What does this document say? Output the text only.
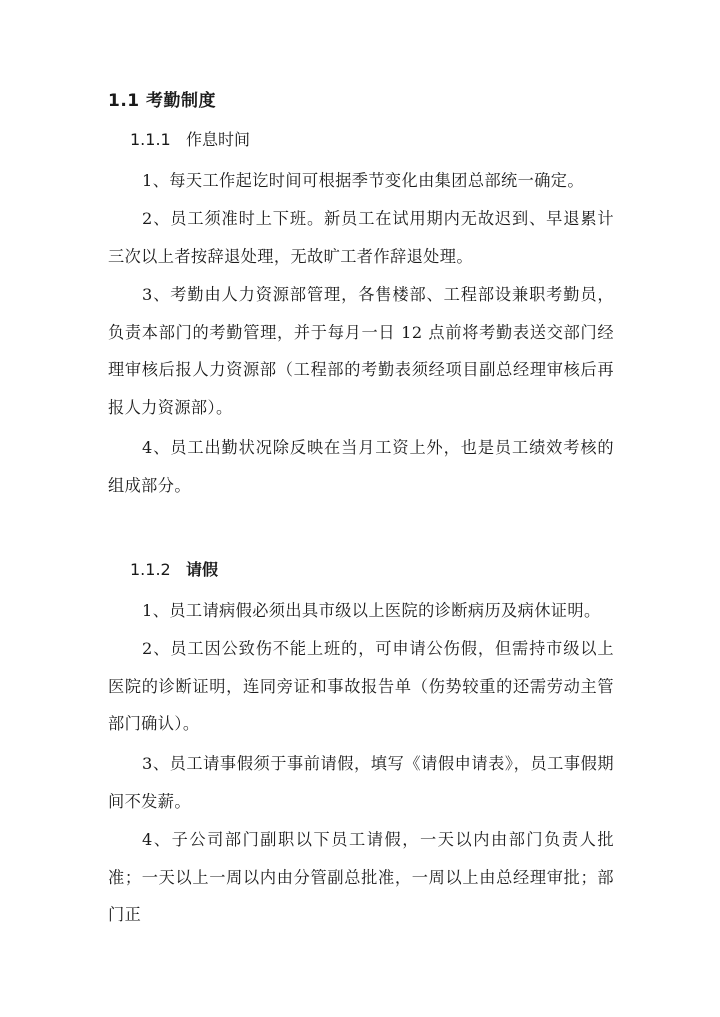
1.1 考勤制度
1.1.1 作息时间

1、每天工作起讫时间可根据季节变化由集团总部统一确定。

2、员工须准时上下班。新员工在试用期内无故迟到、早退累计三次以上者按辞退处理，无故旷工者作辞退处理。

3、考勤由人力资源部管理，各售楼部、工程部设兼职考勤员，负责本部门的考勤管理，并于每月一日 12 点前将考勤表送交部门经理审核后报人力资源部（工程部的考勤表须经项目副总经理审核后再报人力资源部）。

4、员工出勤状况除反映在当月工资上外，也是员工绩效考核的组成部分。

1.1.2 请假

1、员工请病假必须出具市级以上医院的诊断病历及病休证明。

2、员工因公致伤不能上班的，可申请公伤假，但需持市级以上医院的诊断证明，连同旁证和事故报告单（伤势较重的还需劳动主管部门确认）。

3、员工请事假须于事前请假，填写《请假申请表》，员工事假期间不发薪。

4、子公司部门副职以下员工请假，一天以内由部门负责人批准；一天以上一周以内由分管副总批准，一周以上由总经理审批；部门正
